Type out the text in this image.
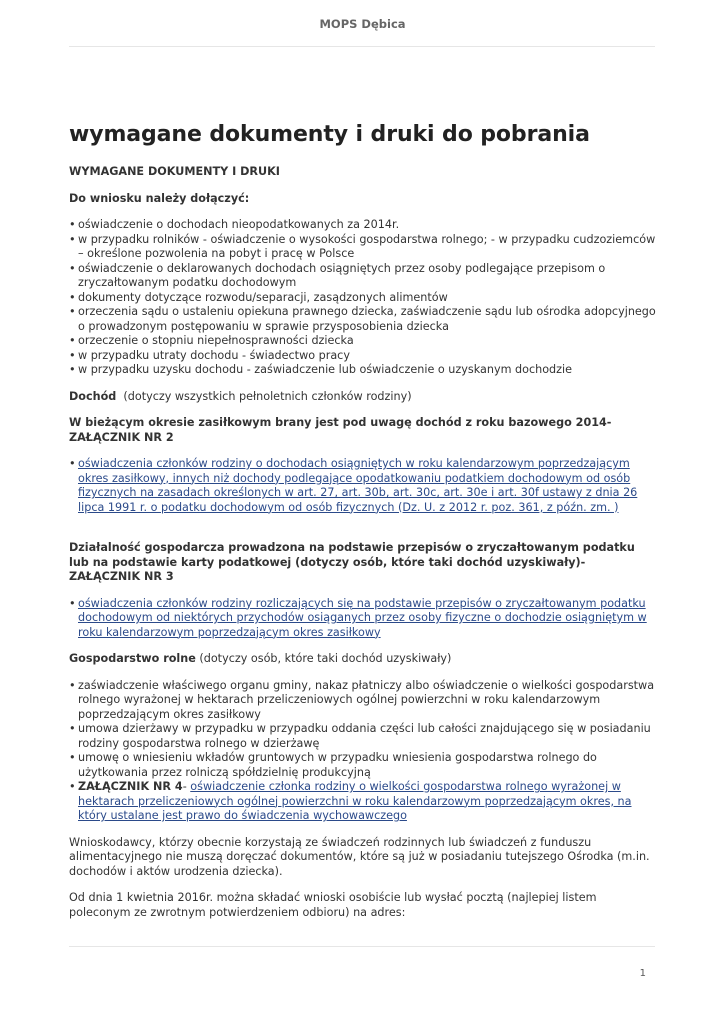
MOPS Dębica
wymagane dokumenty i druki do pobrania

WYMAGANE DOKUMENTY I DRUKI

Do wniosku należy dołączyć:

• oświadczenie o dochodach nieopodatkowanych za 2014r.
• w przypadku rolników - oświadczenie o wysokości gospodarstwa rolnego; - w przypadku cudzoziemców – określone pozwolenia na pobyt i pracę w Polsce
• oświadczenie o deklarowanych dochodach osiągniętych przez osoby podlegające przepisom o zryczałtowanym podatku dochodowym
• dokumenty dotyczące rozwodu/separacji, zasądzonych alimentów
• orzeczenia sądu o ustaleniu opiekuna prawnego dziecka, zaświadczenie sądu lub ośrodka adopcyjnego o prowadzonym postępowaniu w sprawie przysposobienia dziecka
• orzeczenie o stopniu niepełnosprawności dziecka
• w przypadku utraty dochodu - świadectwo pracy
• w przypadku uzysku dochodu - zaświadczenie lub oświadczenie o uzyskanym dochodzie

Dochód (dotyczy wszystkich pełnoletnich członków rodziny)

W bieżącym okresie zasiłkowym brany jest pod uwagę dochód z roku bazowego 2014- ZAŁĄCZNIK NR 2

• oświadczenia członków rodziny o dochodach osiągniętych w roku kalendarzowym poprzedzającym okres zasiłkowy, innych niż dochody podlegające opodatkowaniu podatkiem dochodowym od osób fizycznych na zasadach określonych w art. 27, art. 30b, art. 30c, art. 30e i art. 30f ustawy z dnia 26 lipca 1991 r. o podatku dochodowym od osób fizycznych (Dz. U. z 2012 r. poz. 361, z późn. zm. )

Działalność gospodarcza prowadzona na podstawie przepisów o zryczałtowanym podatku lub na podstawie karty podatkowej (dotyczy osób, które taki dochód uzyskiwały)- ZAŁĄCZNIK NR 3

• oświadczenia członków rodziny rozliczających się na podstawie przepisów o zryczałtowanym podatku dochodowym od niektórych przychodów osiąganych przez osoby fizyczne o dochodzie osiągniętym w roku kalendarzowym poprzedzającym okres zasiłkowy

Gospodarstwo rolne (dotyczy osób, które taki dochód uzyskiwały)

• zaświadczenie właściwego organu gminy, nakaz płatniczy albo oświadczenie o wielkości gospodarstwa rolnego wyrażonej w hektarach przeliczeniowych ogólnej powierzchni w roku kalendarzowym poprzedzającym okres zasiłkowy
• umowa dzierżawy w przypadku w przypadku oddania części lub całości znajdującego się w posiadaniu rodziny gospodarstwa rolnego w dzierżawę
• umowę o wniesieniu wkładów gruntowych w przypadku wniesienia gospodarstwa rolnego do użytkowania przez rolniczą spółdzielnię produkcyjną
• ZAŁĄCZNIK NR 4- oświadczenie członka rodziny o wielkości gospodarstwa rolnego wyrażonej w hektarach przeliczeniowych ogólnej powierzchni w roku kalendarzowym poprzedzającym okres, na który ustalane jest prawo do świadczenia wychowawczego

Wnioskodawcy, którzy obecnie korzystają ze świadczeń rodzinnych lub świadczeń z funduszu alimentacyjnego nie muszą doręczać dokumentów, które są już w posiadaniu tutejszego Ośrodka (m.in. dochodów i aktów urodzenia dziecka).

Od dnia 1 kwietnia 2016r. można składać wnioski osobiście lub wysłać pocztą (najlepiej listem poleconym ze zwrotnym potwierdzeniem odbioru) na adres:

1
